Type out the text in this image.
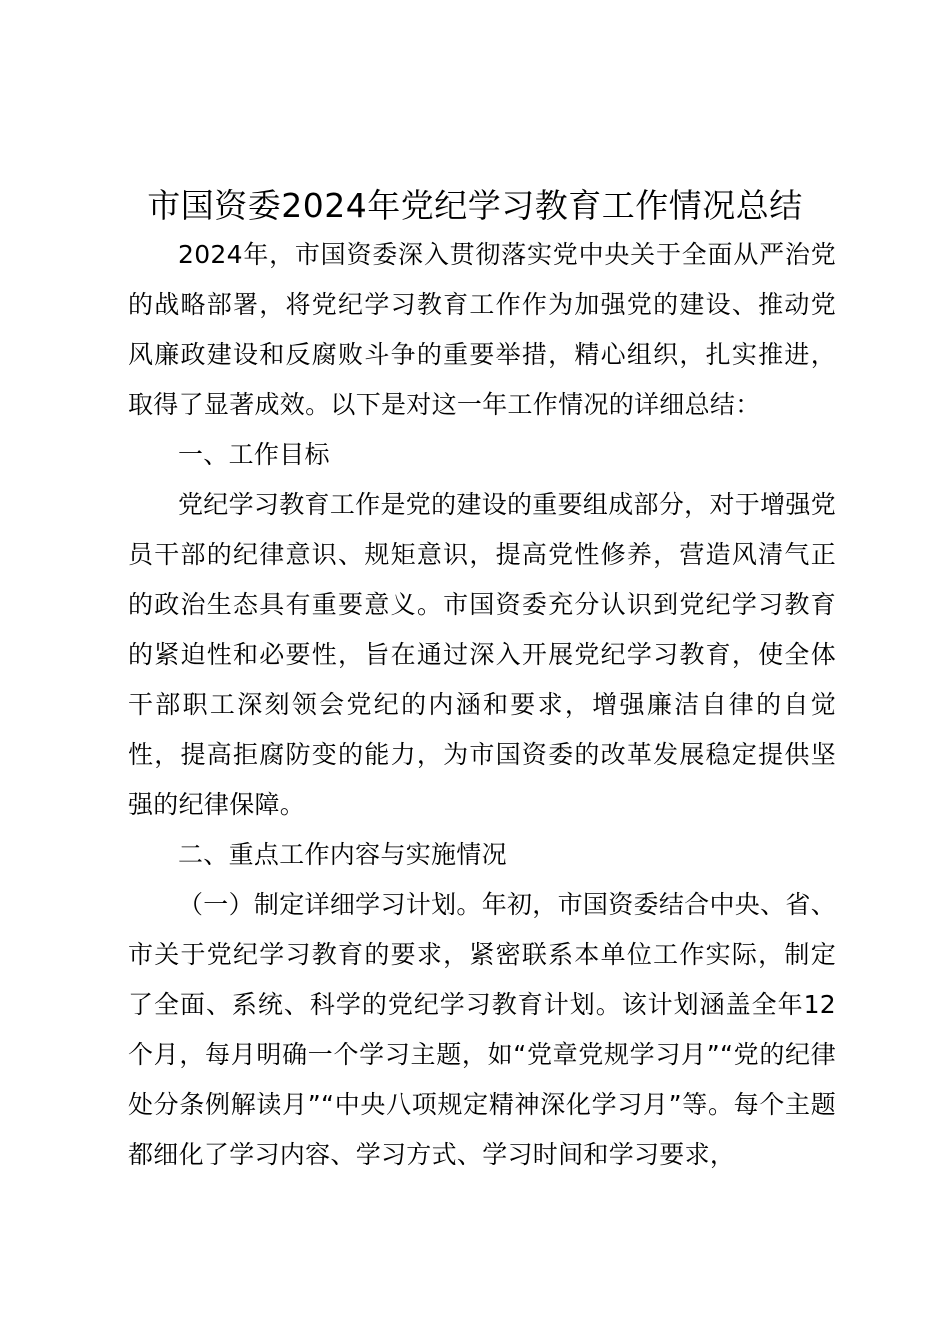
市国资委2024年党纪学习教育工作情况总结

2024年，市国资委深入贯彻落实党中央关于全面从严治党的战略部署，将党纪学习教育工作作为加强党的建设、推动党风廉政建设和反腐败斗争的重要举措，精心组织，扎实推进，取得了显著成效。以下是对这一年工作情况的详细总结：

一、工作目标

党纪学习教育工作是党的建设的重要组成部分，对于增强党员干部的纪律意识、规矩意识，提高党性修养，营造风清气正的政治生态具有重要意义。市国资委充分认识到党纪学习教育的紧迫性和必要性，旨在通过深入开展党纪学习教育，使全体干部职工深刻领会党纪的内涵和要求，增强廉洁自律的自觉性，提高拒腐防变的能力，为市国资委的改革发展稳定提供坚强的纪律保障。

二、重点工作内容与实施情况

（一）制定详细学习计划。年初，市国资委结合中央、省、市关于党纪学习教育的要求，紧密联系本单位工作实际，制定了全面、系统、科学的党纪学习教育计划。该计划涵盖全年12个月，每月明确一个学习主题，如“党章党规学习月”“党的纪律处分条例解读月”“中央八项规定精神深化学习月”等。每个主题都细化了学习内容、学习方式、学习时间和学习要求，
